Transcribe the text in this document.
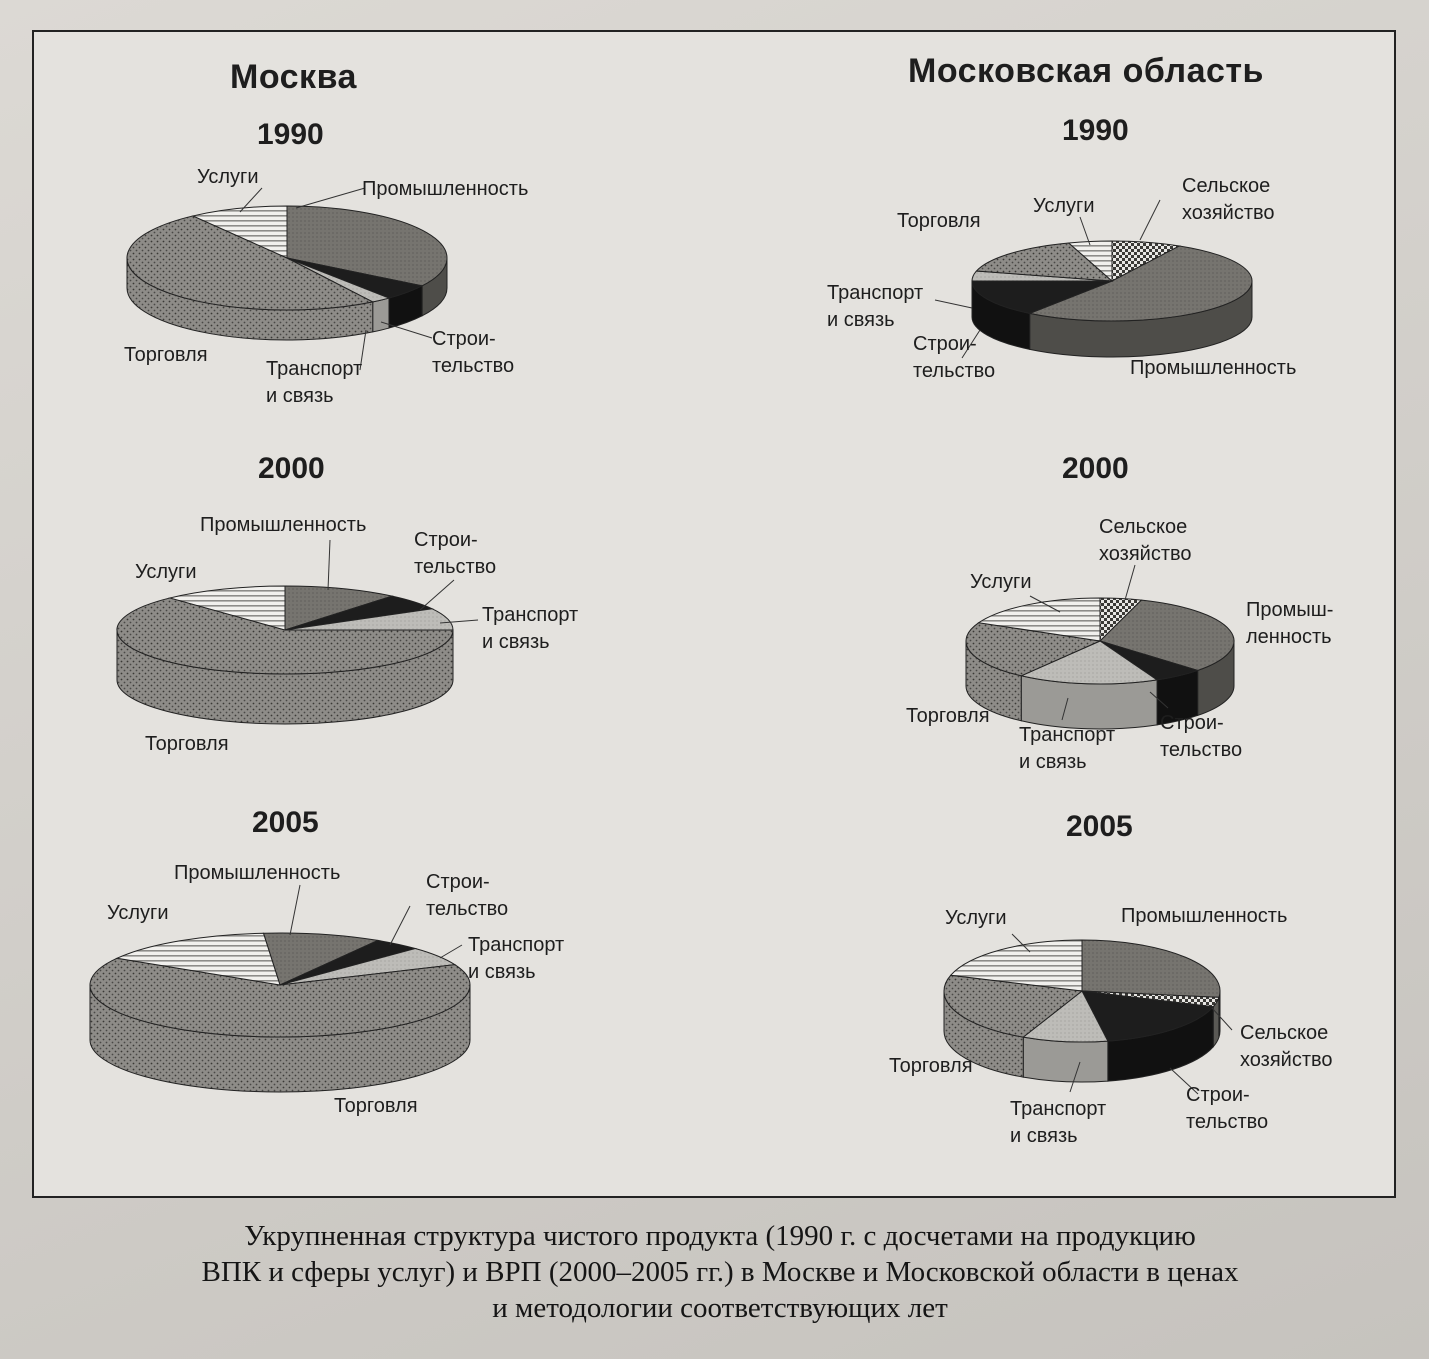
Москва	Московская область
1990
2000
2005
1990
2000
2005
Промышленность
Строи-
тельство
Транспорт
и связь
Торговля
Услуги
Промышленность
Строи-
тельство
Транспорт
и связь
Торговля
Услуги
Промышленность	Строи-
тельство
Транспорт
и связь
Торговля
Услуги
Сельское
хозяйство
Промышленность
Строи-
тельство
Транспорт
и связь
Торговля
Услуги
Сельское
хозяйство
Промыш-
ленность
Строи-
тельство
Транспорт
и связь
Торговля
Услуги
Промышленность
Сельское
хозяйство
Строи-
тельство
Транспорт
и связь
Торговля
Услуги
Укрупненная структура чистого продукта (1990 г. с досчетами на продукцию
ВПК и сферы услуг) и ВРП (2000–2005 гг.) в Москве и Московской области в ценах
и методологии соответствующих лет
